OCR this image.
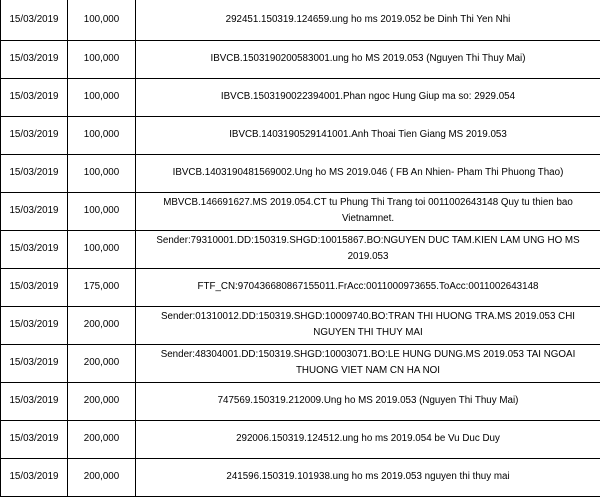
15/03/2019	100,000	292451.150319.124659.ung ho ms 2019.052 be Dinh Thi Yen Nhi
15/03/2019	100,000	IBVCB.1503190200583001.ung ho MS 2019.053 (Nguyen Thi Thuy Mai)
15/03/2019	100,000	IBVCB.1503190022394001.Phan ngoc Hung Giup ma so: 2929.054
15/03/2019	100,000	IBVCB.1403190529141001.Anh Thoai Tien Giang MS 2019.053
15/03/2019	100,000	IBVCB.1403190481569002.Ung ho MS 2019.046 ( FB An Nhien- Pham Thi Phuong Thao)
15/03/2019	100,000	MBVCB.146691627.MS 2019.054.CT tu Phung Thi Trang toi 0011002643148 Quy tu thien bao Vietnamnet.
15/03/2019	100,000	Sender:79310001.DD:150319.SHGD:10015867.BO:NGUYEN DUC TAM.KIEN LAM UNG HO MS 2019.053
15/03/2019	175,000	FTF_CN:970436680867155011.FrAcc:0011000973655.ToAcc:0011002643148
15/03/2019	200,000	Sender:01310012.DD:150319.SHGD:10009740.BO:TRAN THI HUONG TRA.MS 2019.053 CHI NGUYEN THI THUY MAI
15/03/2019	200,000	Sender:48304001.DD:150319.SHGD:10003071.BO:LE HUNG DUNG.MS 2019.053 TAI NGOAI THUONG VIET NAM CN HA NOI
15/03/2019	200,000	747569.150319.212009.Ung ho MS 2019.053 (Nguyen Thi Thuy Mai)
15/03/2019	200,000	292006.150319.124512.ung ho ms 2019.054 be Vu Duc Duy
15/03/2019	200,000	241596.150319.101938.ung ho ms 2019.053 nguyen thi thuy mai
